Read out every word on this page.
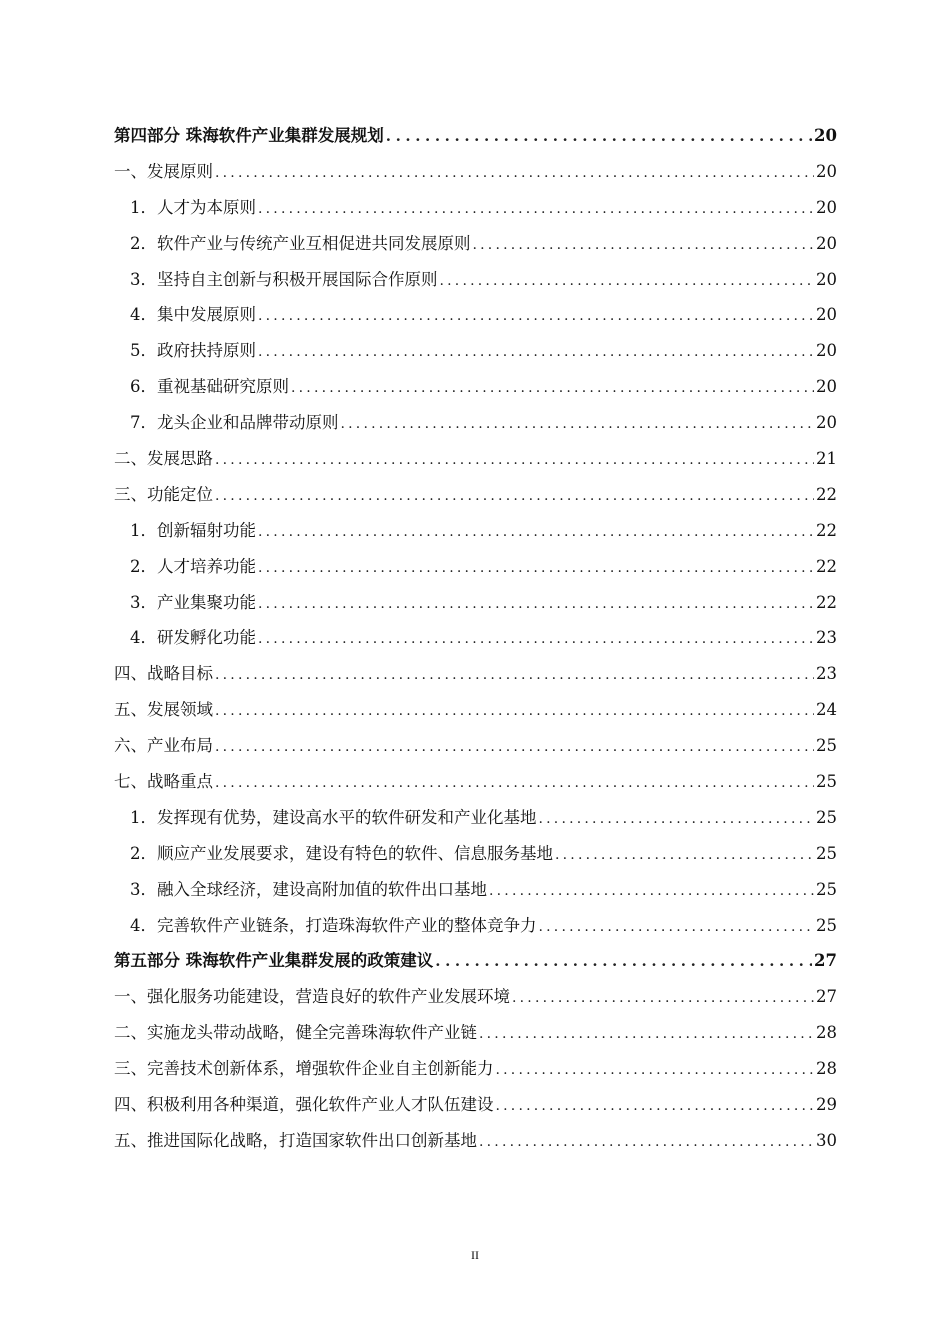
第四部分 珠海软件产业集群发展规划 .....	20
一、发展原则 .....	20
1．人才为本原则 .....	20
2．软件产业与传统产业互相促进共同发展原则 .....	20
3．坚持自主创新与积极开展国际合作原则 .....	20
4．集中发展原则 .....	20
5．政府扶持原则 .....	20
6．重视基础研究原则 .....	20
7．龙头企业和品牌带动原则 .....	20
二、发展思路 .....	21
三、功能定位 .....	22
1．创新辐射功能 .....	22
2．人才培养功能 .....	22
3．产业集聚功能 .....	22
4．研发孵化功能 .....	23
四、战略目标 .....	23
五、发展领域 .....	24
六、产业布局 .....	25
七、战略重点 .....	25
1．发挥现有优势，建设高水平的软件研发和产业化基地 .....	25
2．顺应产业发展要求，建设有特色的软件、信息服务基地 .....	25
3．融入全球经济，建设高附加值的软件出口基地 .....	25
4．完善软件产业链条，打造珠海软件产业的整体竞争力 .....	25
第五部分 珠海软件产业集群发展的政策建议 .....	27
一、强化服务功能建设，营造良好的软件产业发展环境 .....	27
二、实施龙头带动战略，健全完善珠海软件产业链 .....	28
三、完善技术创新体系，增强软件企业自主创新能力 .....	28
四、积极利用各种渠道，强化软件产业人才队伍建设 .....	29
五、推进国际化战略，打造国家软件出口创新基地 .....	30
II
